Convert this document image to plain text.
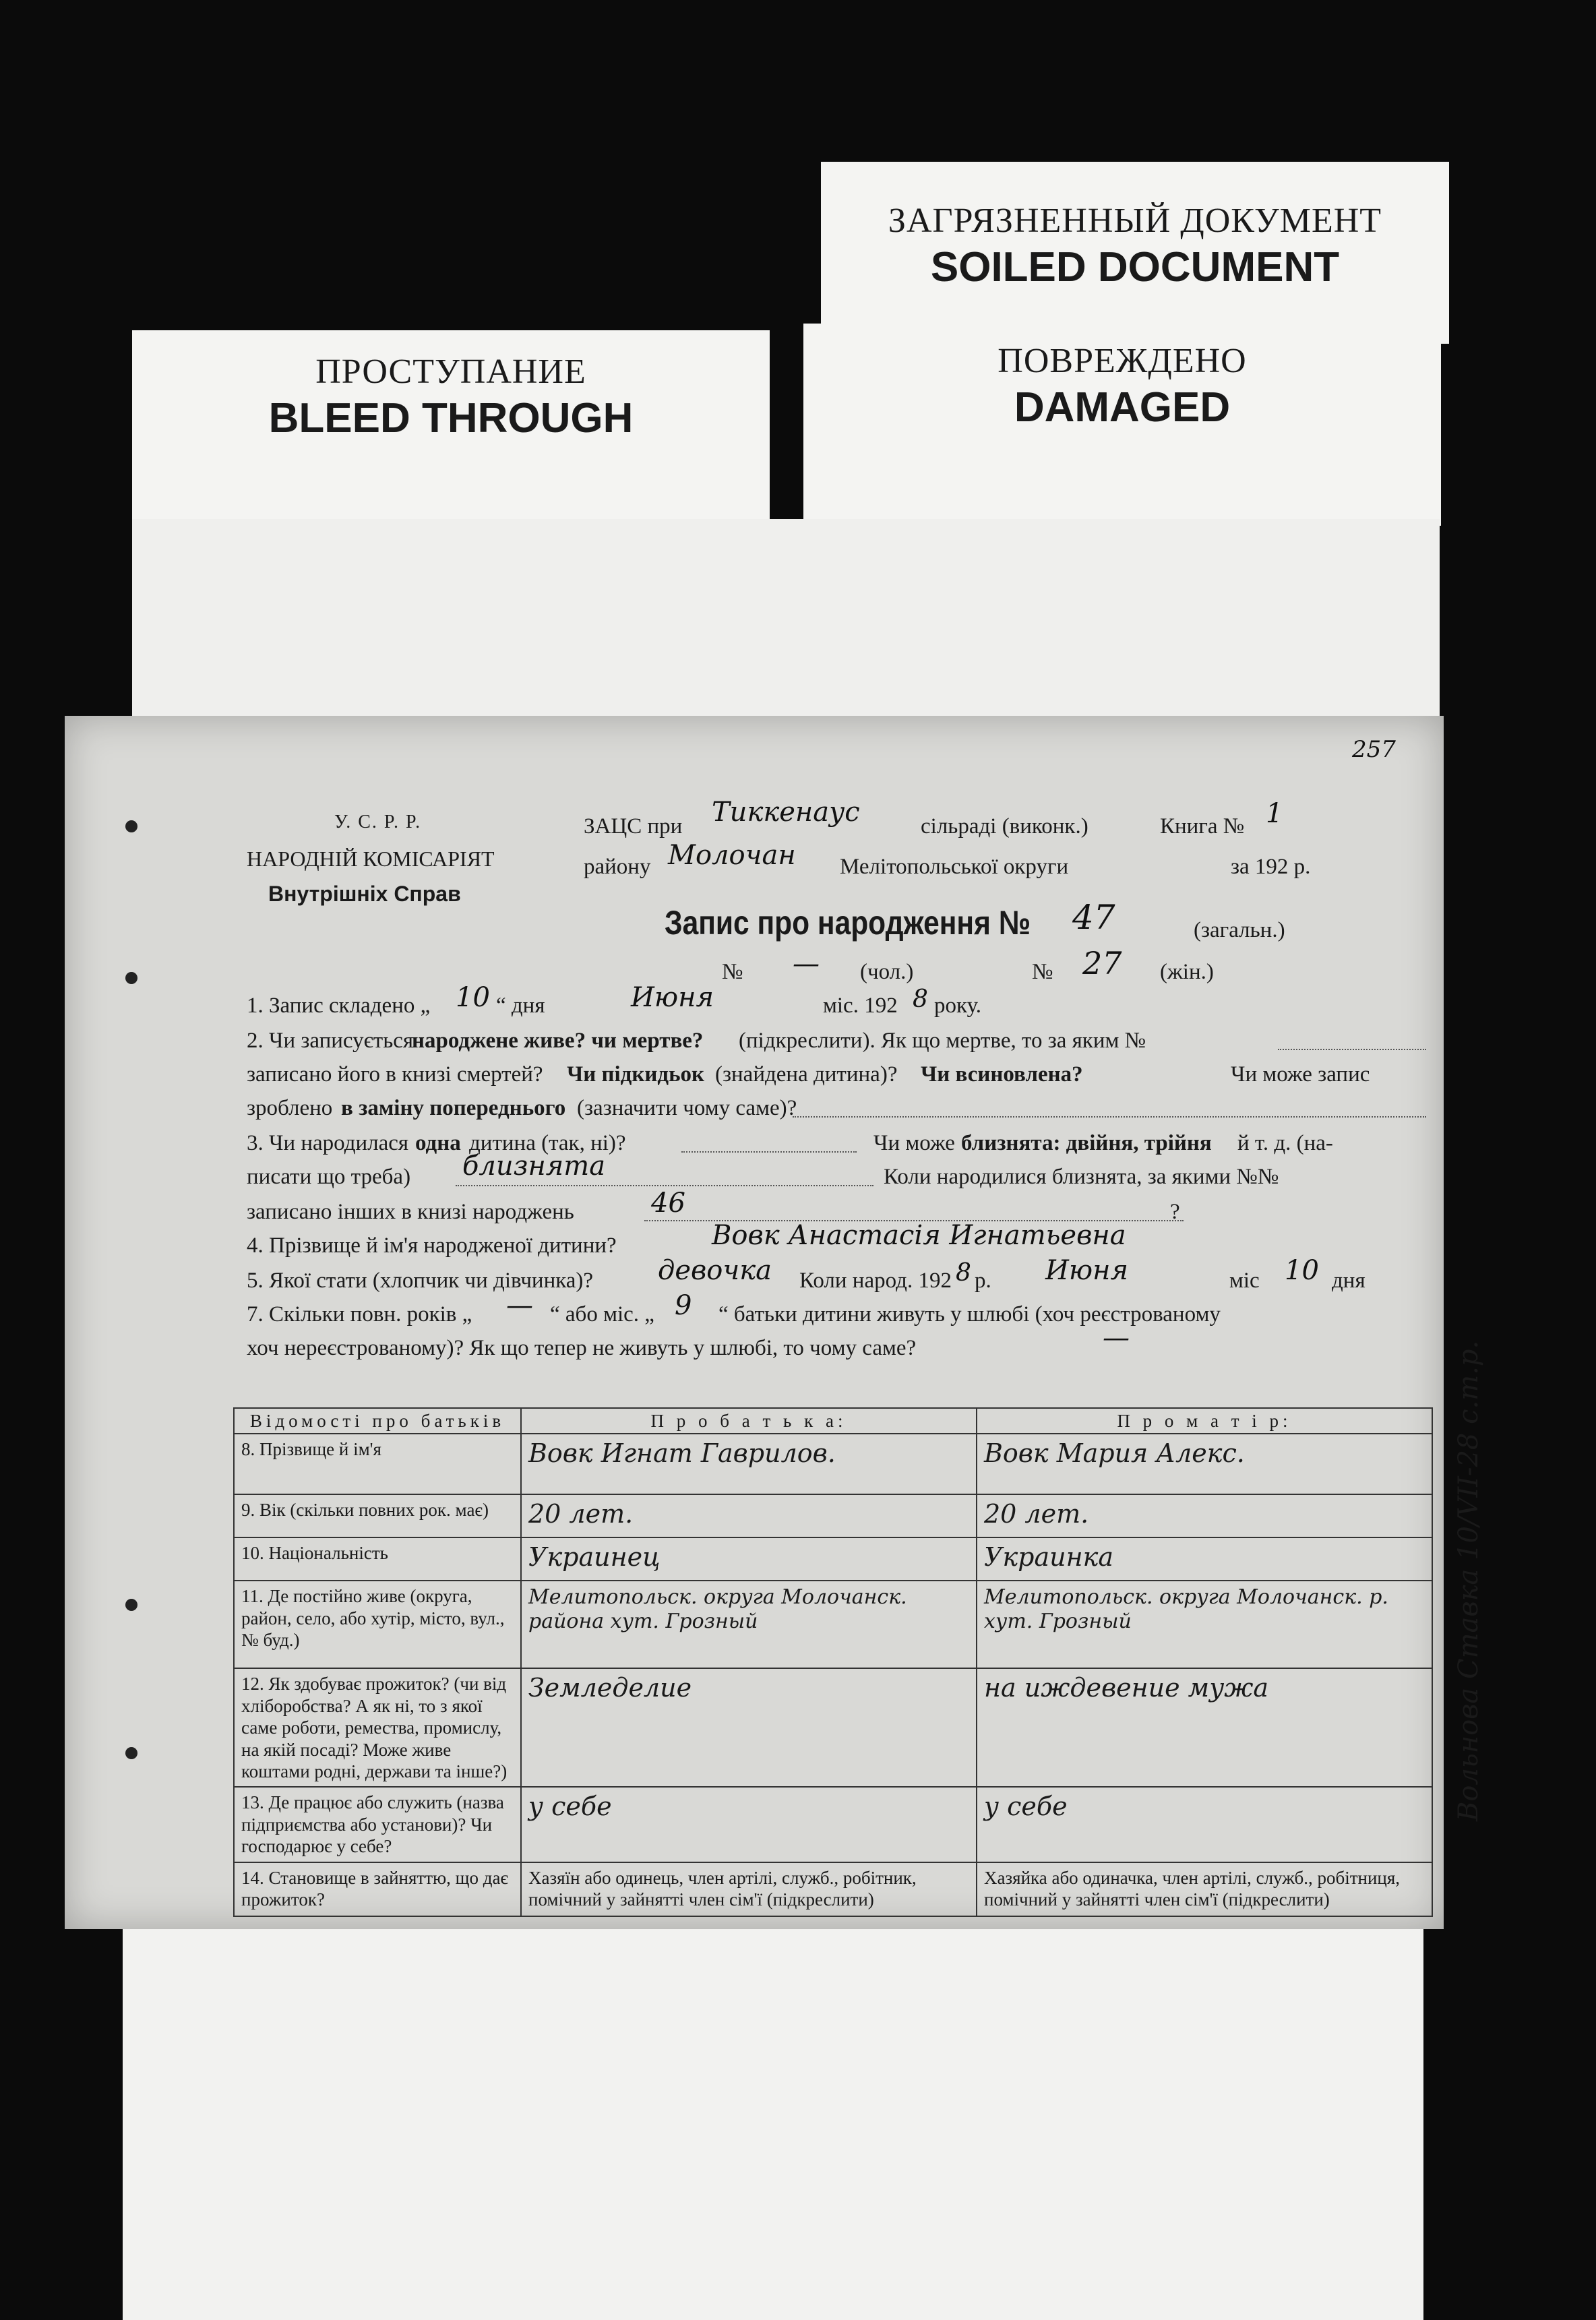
ЗАГРЯЗНЕННЫЙ ДОКУМЕНТ
SOILED DOCUMENT
ПРОСТУПАНИЕ
BLEED THROUGH
ПОВРЕЖДЕНО
DAMAGED
257
У. С. Р. Р.
НАРОДНІЙ КОМІСАРІЯТ
Внутрішніх Справ
ЗАЦС при Тиккенаус	сільраді (виконк.)	Книга № 1
району Молочан Мелітопольської округи	за 192 р.
Запис про народження № 47	(загальн.)
№ — (чол.)	№ 27 (жін.)
1. Запис складено „ 10 “ дня	Июня	міс. 192 8 року.
2. Чи записується
народжене живе? чи мертве? (підкреслити). Як що мертве, то за яким №
записано його в книзі смертей? Чи підкидьок (знайдена дитина)? Чи всиновлена?	Чи може запис
зроблено в заміну попереднього (зазначити чому саме)?
3. Чи народилася одна дитина (так, ні)?	Чи може близнята: двійня, трійня й т. д. (на-
писати що треба) близнята	Коли народилися близнята, за якими №№
записано інших в книзі народжень	46	?
4. Прізвище й ім'я народженої дитини?	Вовк Анастасія Игнатьевна
5. Якої стати (хлопчик чи дівчинка)? девочка Коли народ. 192 8 р. Июня	міс 10 дня
7. Скільки повн. років „ — “ або міс. „ 9 “ батьки дитини живуть у шлюбі (хоч реєстрованому
хоч нереєстрованому)? Як що тепер не живуть у шлюбі, то чому саме?	—
Відомості про батьків	П р о б а т ь к а:	П р о м а т і р:
8. Прізвище й ім'я	Вовк Игнат Гаврилов.	Вовк Мария Алекс.
9. Вік (скільки повних рок. має)	20 лет.	20 лет.
10. Національність	Украинец	Украинка
11. Де постійно живе (округа, район, село, або хутір, місто, вул., № буд.)	Мелитопольск. округа Молочанск. района хут. Грозный	Мелитопольск. округа Молочанск. р. хут. Грозный
12. Як здобуває прожиток? (чи від хліборобства? А як ні, то з якої саме роботи, ремества, промислу, на якій посаді? Може живе коштами родні, держави та інше?)	Земледелие	на иждевение мужа
13. Де працює або служить (назва підприємства або установи)? Чи господарює у себе?	у себе	у себе
14. Становище в зайняттю, що дає прожиток?	Хазяїн або одинець, член артілі, служб., робітник, помічний у зайнятті член сім'ї (підкреслити)	Хазяйка або одиначка, член артілі, служб., робітниця, помічний у зайнятті член сім'ї (підкреслити)
Вольнова Ставка 10/VII-28 с.т.р.
